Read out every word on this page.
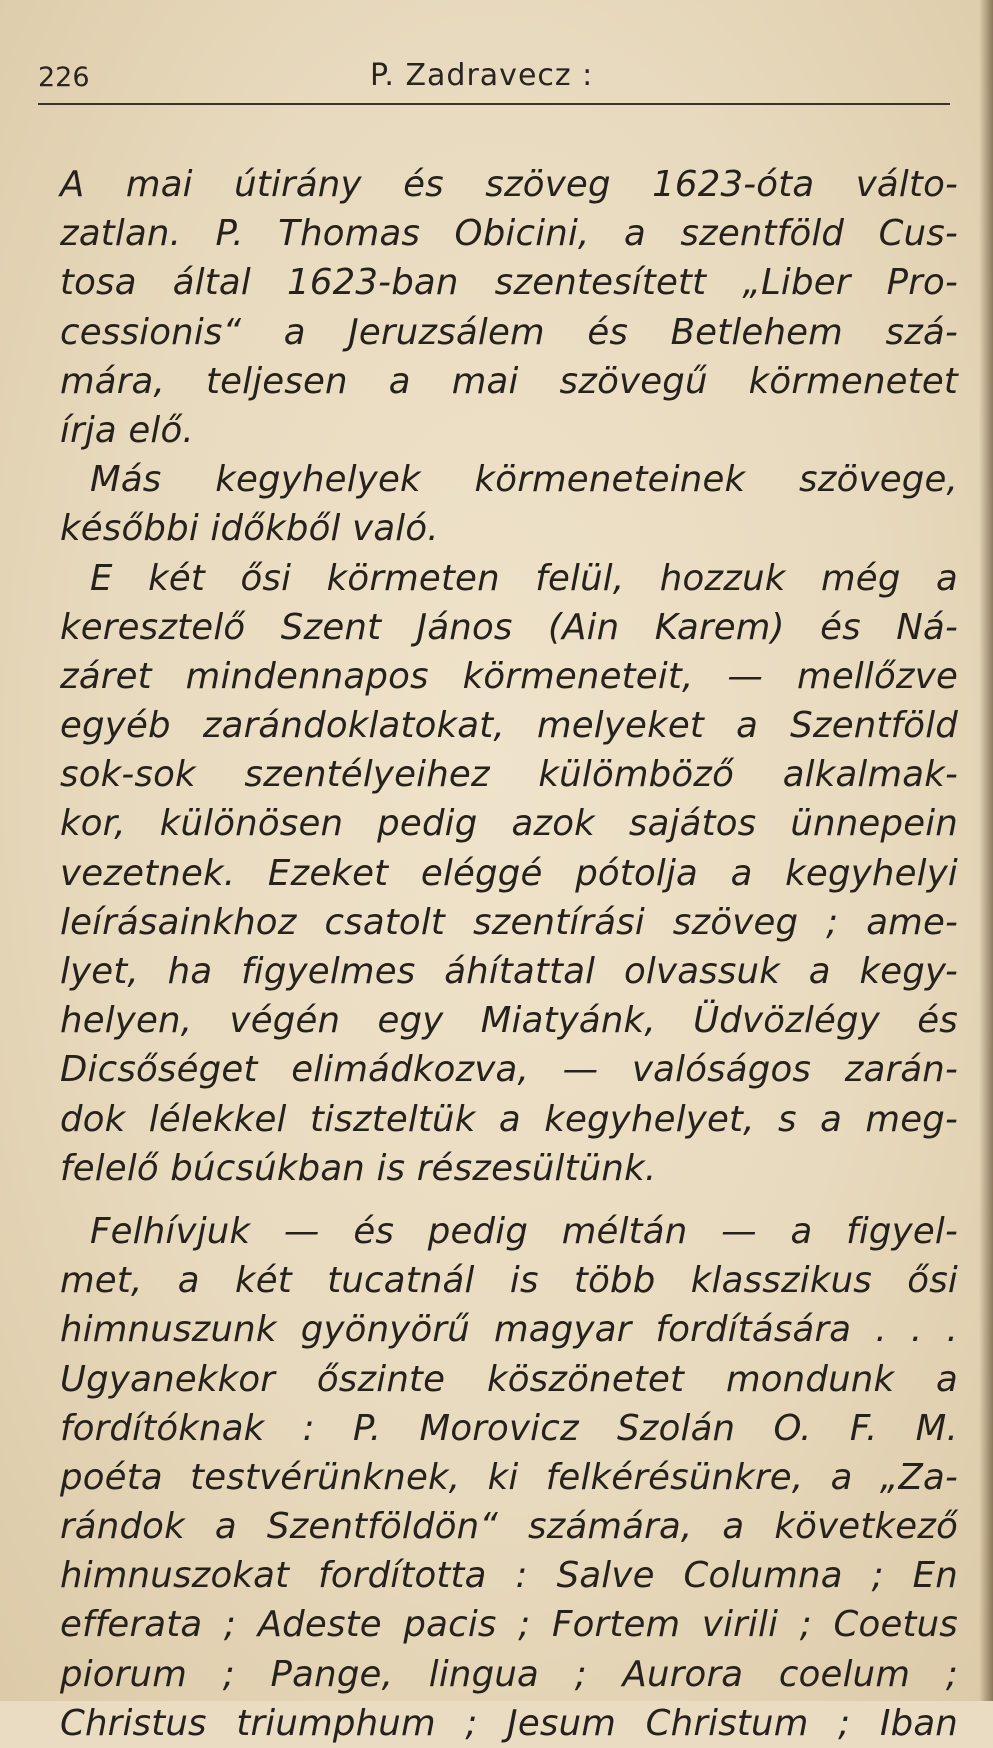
226	P. Zadravecz :
A mai útirány és szöveg 1623-óta válto-
zatlan. P. Thomas Obicini, a szentföld Cus-
tosa által 1623-ban szentesített „Liber Pro-
cessionis“ a Jeruzsálem és Betlehem szá-
mára, teljesen a mai szövegű körmenetet
írja elő.
Más kegyhelyek körmeneteinek szövege,
későbbi időkből való.
E két ősi körmeten felül, hozzuk még a
keresztelő Szent János (Ain Karem) és Ná-
záret mindennapos körmeneteit, — mellőzve
egyéb zarándoklatokat, melyeket a Szentföld
sok-sok szentélyeihez külömböző alkalmak-
kor, különösen pedig azok sajátos ünnepein
vezetnek. Ezeket eléggé pótolja a kegyhelyi
leírásainkhoz csatolt szentírási szöveg ; ame-
lyet, ha figyelmes áhítattal olvassuk a kegy-
helyen, végén egy Miatyánk, Üdvözlégy és
Dicsőséget elimádkozva, — valóságos zarán-
dok lélekkel tiszteltük a kegyhelyet, s a meg-
felelő búcsúkban is részesültünk.
Felhívjuk — és pedig méltán — a figyel-
met, a két tucatnál is több klasszikus ősi
himnuszunk gyönyörű magyar fordítására . . .
Ugyanekkor őszinte köszönetet mondunk a
fordítóknak : P. Morovicz Szolán O. F. M.
poéta testvérünknek, ki felkérésünkre, a „Za-
rándok a Szentföldön“ számára, a következő
himnuszokat fordította : Salve Columna ; En
efferata ; Adeste pacis ; Fortem virili ; Coetus
piorum ; Pange, lingua ; Aurora coelum ;
Christus triumphum ; Jesum Christum ; Iban
